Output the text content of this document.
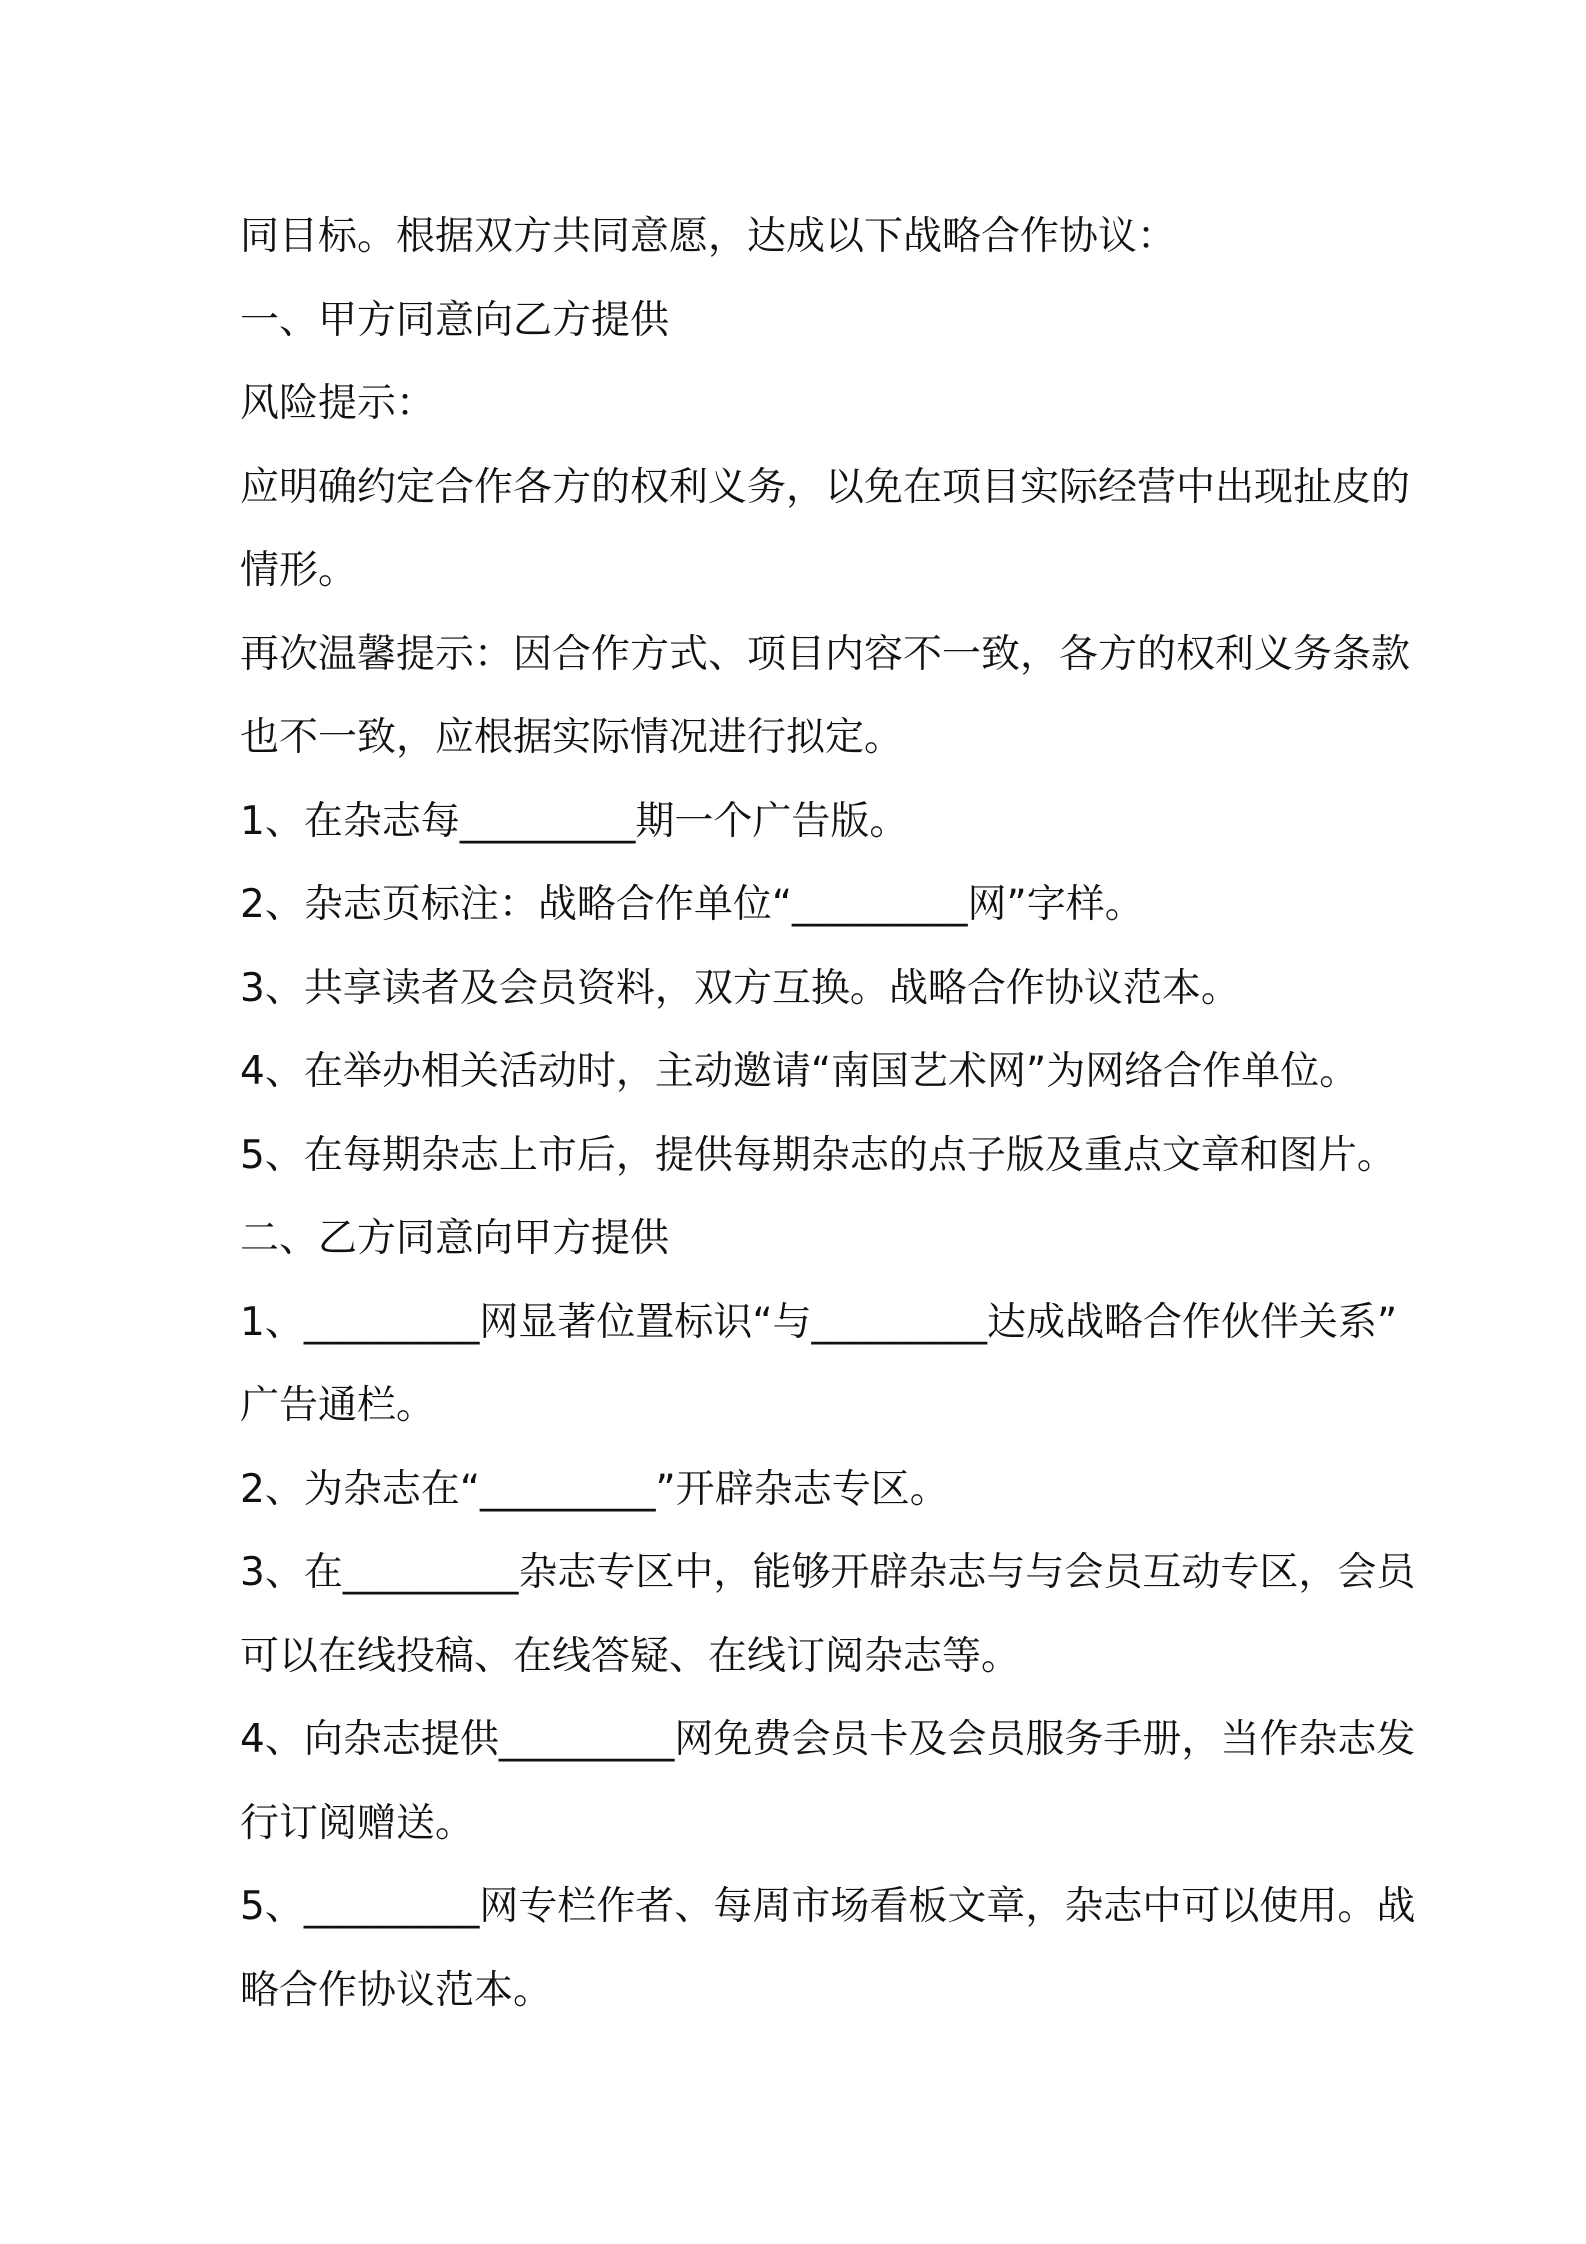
同目标。根据双方共同意愿，达成以下战略合作协议：
一、甲方同意向乙方提供
风险提示：
应明确约定合作各方的权利义务，以免在项目实际经营中出现扯皮的
情形。
再次温馨提示：因合作方式、项目内容不一致，各方的权利义务条款
也不一致，应根据实际情况进行拟定。
1、在杂志每_________期一个广告版。
2、杂志页标注：战略合作单位“_________网”字样。
3、共享读者及会员资料，双方互换。战略合作协议范本。
4、在举办相关活动时，主动邀请“南国艺术网”为网络合作单位。
5、在每期杂志上市后，提供每期杂志的点子版及重点文章和图片。
二、乙方同意向甲方提供
1、_________网显著位置标识“与_________达成战略合作伙伴关系”
广告通栏。
2、为杂志在“_________”开辟杂志专区。
3、在_________杂志专区中，能够开辟杂志与与会员互动专区，会员
可以在线投稿、在线答疑、在线订阅杂志等。
4、向杂志提供_________网免费会员卡及会员服务手册，当作杂志发
行订阅赠送。
5、_________网专栏作者、每周市场看板文章，杂志中可以使用。战
略合作协议范本。
